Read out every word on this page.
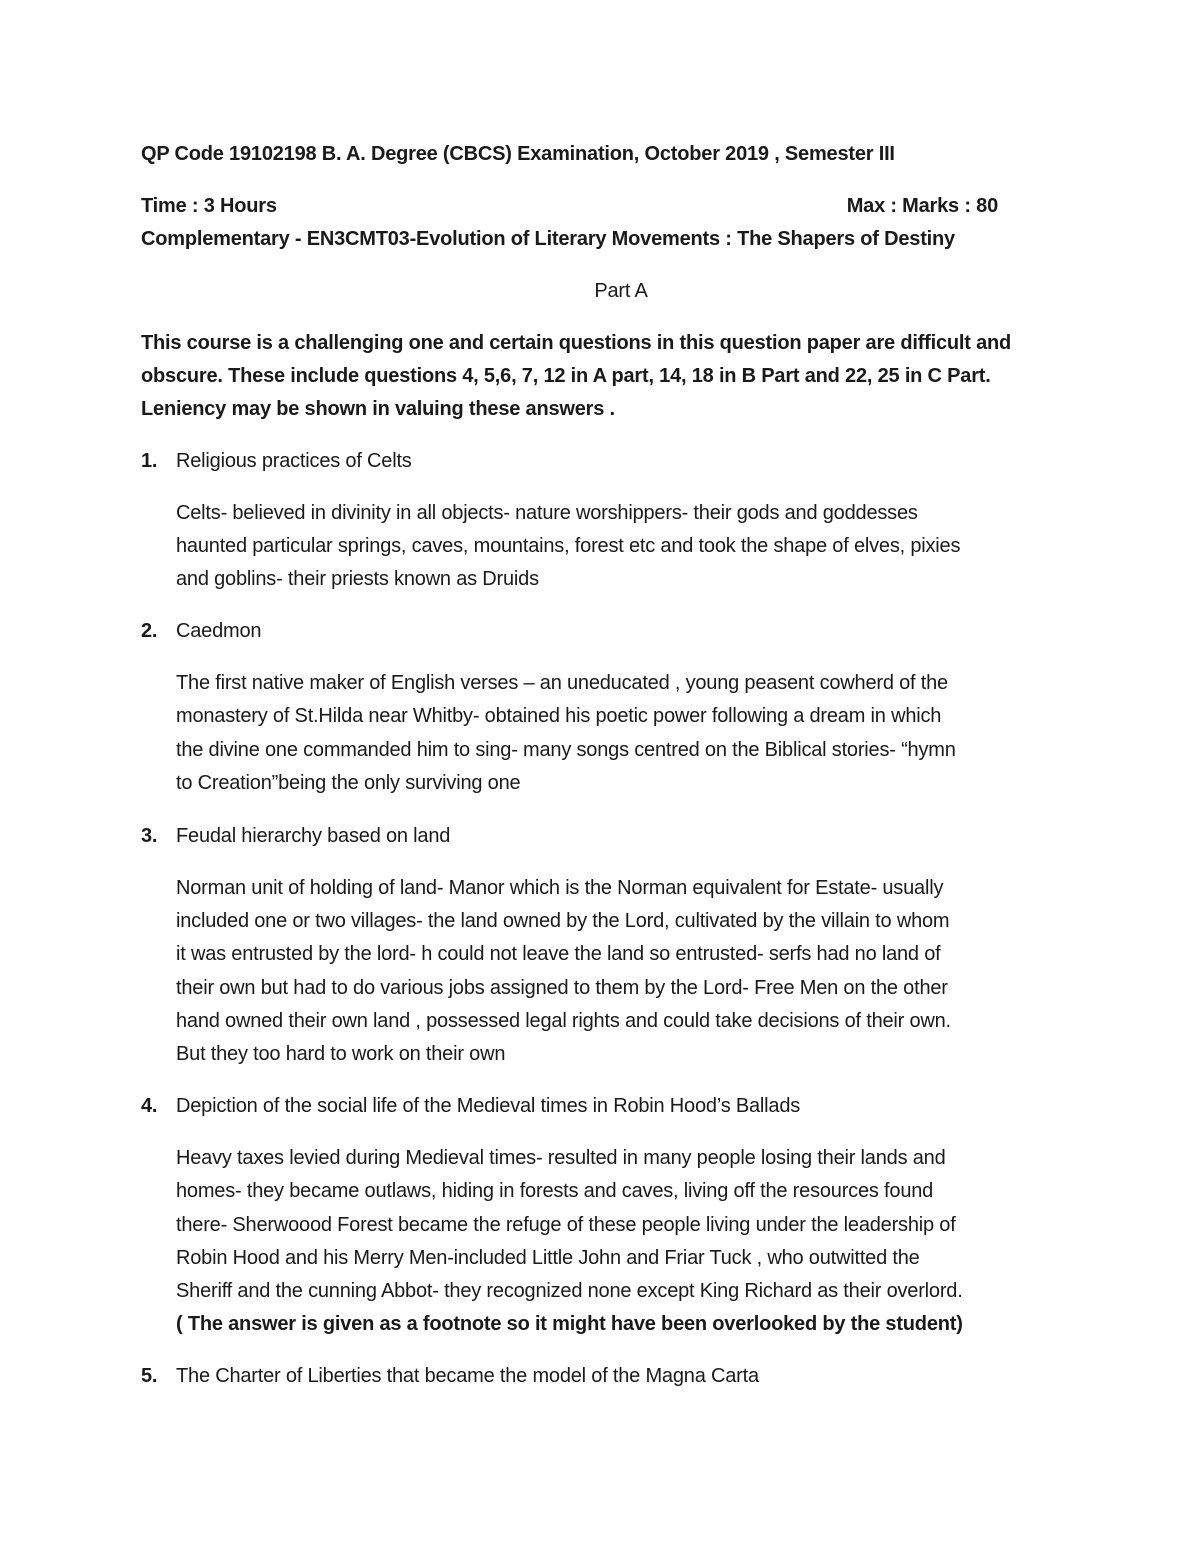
QP Code 19102198 B. A. Degree (CBCS) Examination, October 2019 , Semester III
Time : 3 Hours	Max : Marks : 80
Complementary - EN3CMT03-Evolution of Literary Movements : The Shapers of Destiny
Part A
This course is a challenging one and certain questions in this question paper are difficult and
obscure. These include questions 4, 5,6, 7, 12 in A part, 14, 18 in B Part and 22, 25 in C Part.
Leniency may be shown in valuing these answers .
1. Religious practices of Celts
Celts- believed in divinity in all objects- nature worshippers- their gods and goddesses
haunted particular springs, caves, mountains, forest etc and took the shape of elves, pixies
and goblins- their priests known as Druids
2. Caedmon
The first native maker of English verses – an uneducated , young peasent cowherd of the
monastery of St.Hilda near Whitby- obtained his poetic power following a dream in which
the divine one commanded him to sing- many songs centred on the Biblical stories- “hymn
to Creation”being the only surviving one
3. Feudal hierarchy based on land
Norman unit of holding of land- Manor which is the Norman equivalent for Estate- usually
included one or two villages- the land owned by the Lord, cultivated by the villain to whom
it was entrusted by the lord- h could not leave the land so entrusted- serfs had no land of
their own but had to do various jobs assigned to them by the Lord- Free Men on the other
hand owned their own land , possessed legal rights and could take decisions of their own.
But they too hard to work on their own
4. Depiction of the social life of the Medieval times in Robin Hood’s Ballads
Heavy taxes levied during Medieval times- resulted in many people losing their lands and
homes- they became outlaws, hiding in forests and caves, living off the resources found
there- Sherwoood Forest became the refuge of these people living under the leadership of
Robin Hood and his Merry Men-included Little John and Friar Tuck , who outwitted the
Sheriff and the cunning Abbot- they recognized none except King Richard as their overlord.
( The answer is given as a footnote so it might have been overlooked by the student)
5. The Charter of Liberties that became the model of the Magna Carta
